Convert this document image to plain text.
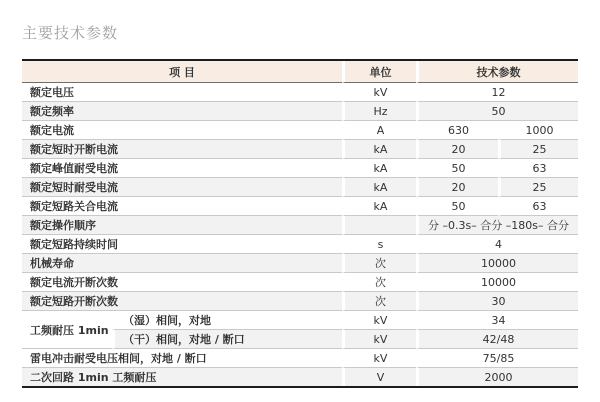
主要技术参数
项 目		单位	技术参数	
额定电压		kV	12	
额定频率		Hz	50	
额定电流		A	630	1000
额定短时开断电流		kA	20	25
额定峰值耐受电流		kA	50	63
额定短时耐受电流		kA	20	25
额定短路关合电流		kA	50	63
额定操作顺序			分 –0.3s– 合分 –180s– 合分	
额定短路持续时间		s	4	
机械寿命		次	10000	
额定电流开断次数		次	10000	
额定短路开断次数		次	30	
工频耐压 1min	（湿）相间，对地	kV	34	
	（干）相间，对地 / 断口	kV	42/48	
雷电冲击耐受电压相间，对地 / 断口		kV	75/85	
二次回路 1min 工频耐压		V	2000	
